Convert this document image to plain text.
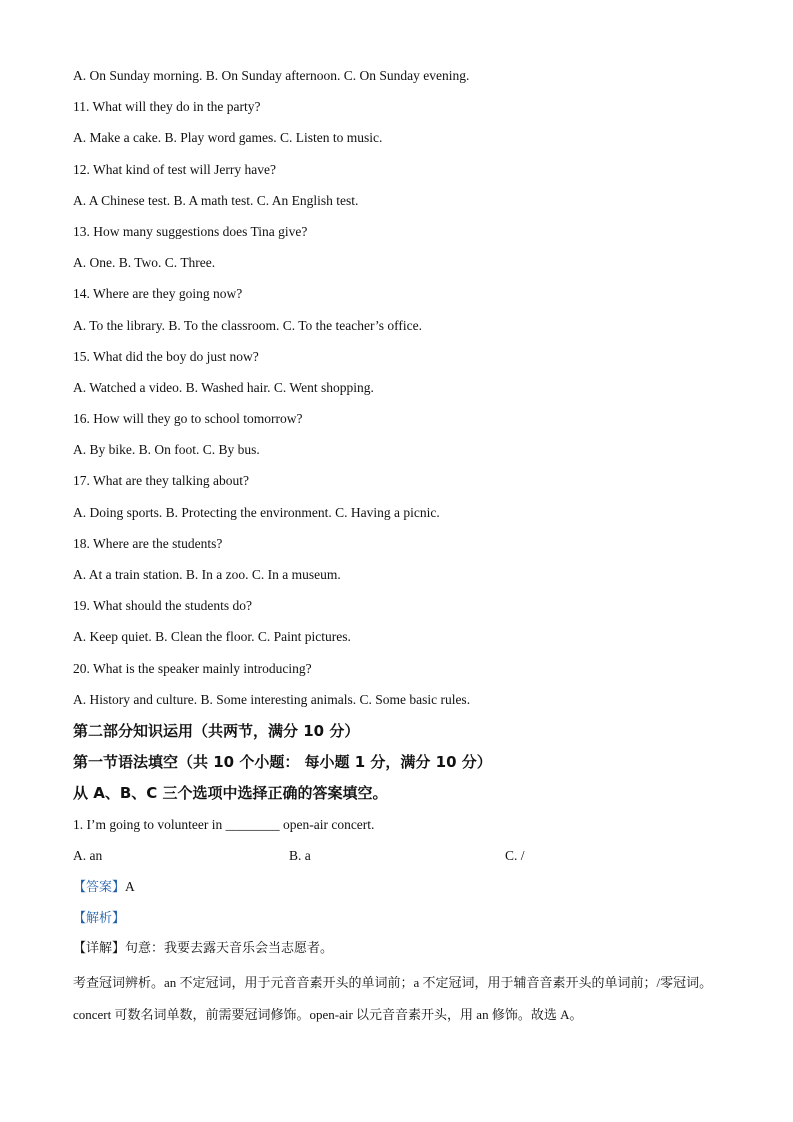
A. On Sunday morning. B. On Sunday afternoon. C. On Sunday evening.
11. What will they do in the party?
A. Make a cake. B. Play word games. C. Listen to music.
12. What kind of test will Jerry have?
A. A Chinese test. B. A math test. C. An English test.
13. How many suggestions does Tina give?
A. One. B. Two. C. Three.
14. Where are they going now?
A. To the library. B. To the classroom. C. To the teacher’s office.
15. What did the boy do just now?
A. Watched a video. B. Washed hair. C. Went shopping.
16. How will they go to school tomorrow?
A. By bike. B. On foot. C. By bus.
17. What are they talking about?
A. Doing sports. B. Protecting the environment. C. Having a picnic.
18. Where are the students?
A. At a train station. B. In a zoo. C. In a museum.
19. What should the students do?
A. Keep quiet. B. Clean the floor. C. Paint pictures.
20. What is the speaker mainly introducing?
A. History and culture. B. Some interesting animals. C. Some basic rules.
第二部分知识运用（共两节，满分 10 分）
第一节语法填空（共 10 个小题： 每小题 1 分，满分 10 分）
从 A、B、C 三个选项中选择正确的答案填空。
1. I’m going to volunteer in ________ open-air concert.
A. an	B. a	C. /
【答案】A
【解析】
【详解】句意：我要去露天音乐会当志愿者。
考查冠词辨析。an 不定冠词，用于元音音素开头的单词前；a 不定冠词，用于辅音音素开头的单词前；/零冠词。concert 可数名词单数，前需要冠词修饰。open-air 以元音音素开头，用 an 修饰。故选 A。
